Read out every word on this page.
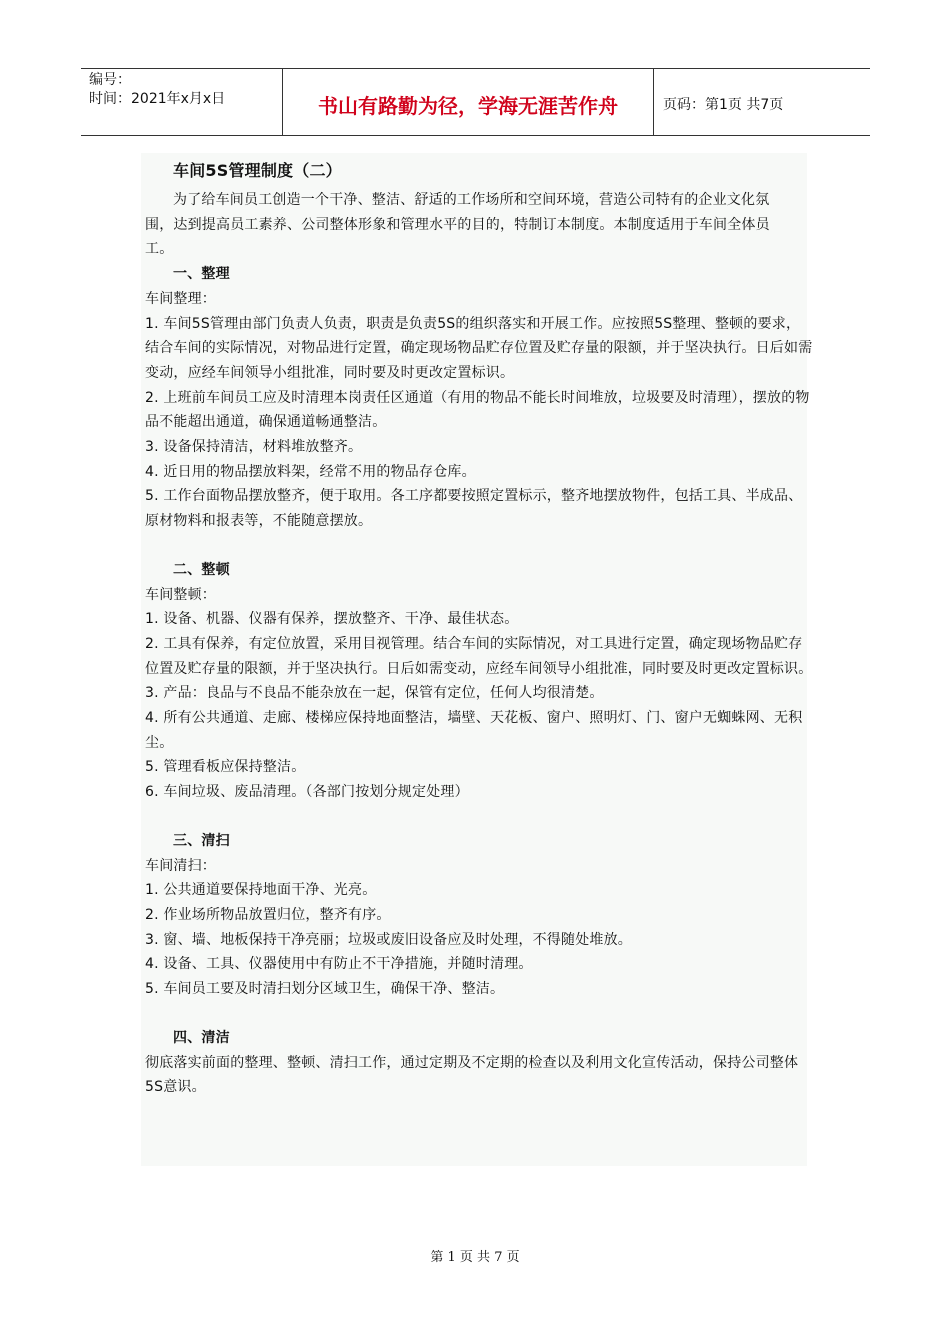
编号：
时间：2021年x月x日	书山有路勤为径，学海无涯苦作舟	页码：第1页 共7页
车间5S管理制度（二）

为了给车间员工创造一个干净、整洁、舒适的工作场所和空间环境，营造公司特有的企业文化氛围，达到提高员工素养、公司整体形象和管理水平的目的，特制订本制度。本制度适用于车间全体员工。

一、整理

车间整理：

1. 车间5S管理由部门负责人负责，职责是负责5S的组织落实和开展工作。应按照5S整理、整顿的要求，结合车间的实际情况，对物品进行定置，确定现场物品贮存位置及贮存量的限额，并于坚决执行。日后如需变动，应经车间领导小组批准，同时要及时更改定置标识。

2. 上班前车间员工应及时清理本岗责任区通道（有用的物品不能长时间堆放，垃圾要及时清理），摆放的物品不能超出通道，确保通道畅通整洁。

3. 设备保持清洁，材料堆放整齐。

4. 近日用的物品摆放料架，经常不用的物品存仓库。

5. 工作台面物品摆放整齐，便于取用。各工序都要按照定置标示，整齐地摆放物件，包括工具、半成品、原材物料和报表等，不能随意摆放。

二、整顿

车间整顿：

1. 设备、机器、仪器有保养，摆放整齐、干净、最佳状态。

2. 工具有保养，有定位放置，采用目视管理。结合车间的实际情况，对工具进行定置，确定现场物品贮存位置及贮存量的限额，并于坚决执行。日后如需变动，应经车间领导小组批准，同时要及时更改定置标识。

3. 产品：良品与不良品不能杂放在一起，保管有定位，任何人均很清楚。

4. 所有公共通道、走廊、楼梯应保持地面整洁，墙壁、天花板、窗户、照明灯、门、窗户无蜘蛛网、无积尘。

5. 管理看板应保持整洁。

6. 车间垃圾、废品清理。（各部门按划分规定处理）

三、清扫

车间清扫：

1. 公共通道要保持地面干净、光亮。

2. 作业场所物品放置归位，整齐有序。

3. 窗、墙、地板保持干净亮丽；垃圾或废旧设备应及时处理，不得随处堆放。

4. 设备、工具、仪器使用中有防止不干净措施，并随时清理。

5. 车间员工要及时清扫划分区域卫生，确保干净、整洁。

四、清洁

彻底落实前面的整理、整顿、清扫工作，通过定期及不定期的检查以及利用文化宣传活动，保持公司整体5S意识。

第 1 页 共 7 页
